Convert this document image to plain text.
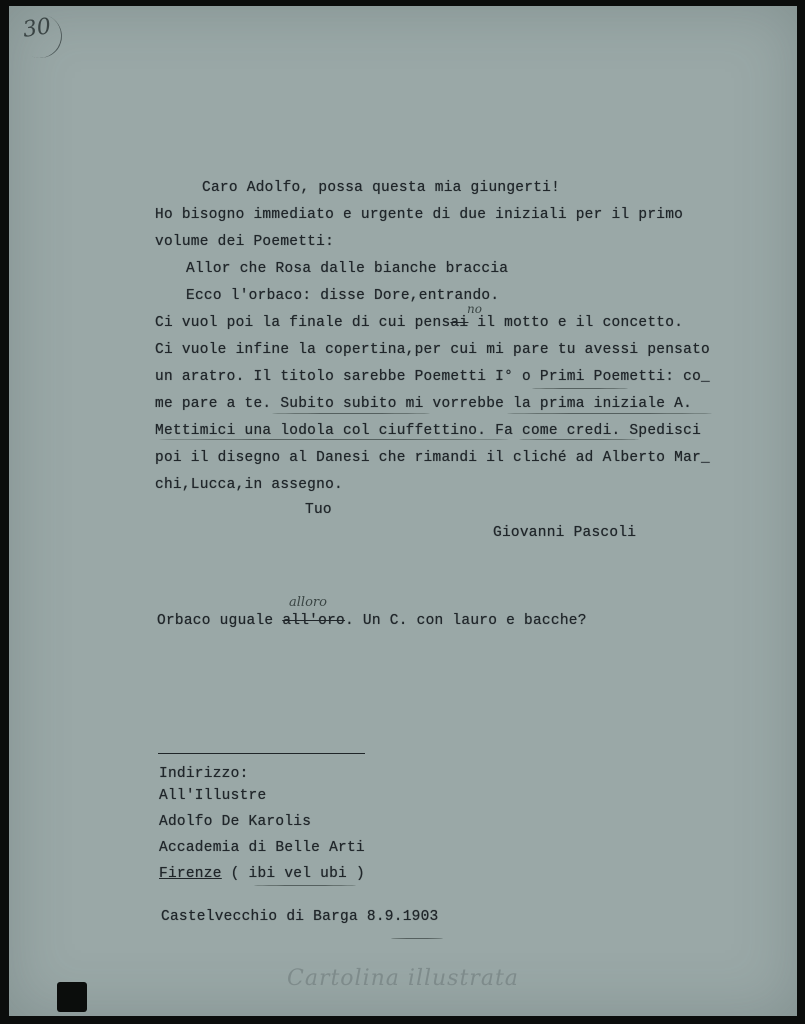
30
Caro Adolfo, possa questa mia giungerti!
Ho bisogno immediato e urgente di due iniziali per il primo
volume dei Poemetti:
Allor che Rosa dalle bianche braccia
Ecco l'orbaco: disse Dore,entrando.
Ci vuol poi la finale di cui pensai il motto e il concetto.
no
Ci vuole infine la copertina,per cui mi pare tu avessi pensato
un aratro. Il titolo sarebbe Poemetti I° o Primi Poemetti: co_
me pare a te. Subito subito mi vorrebbe la prima iniziale A.
Mettimici una lodola col ciuffettino. Fa come credi. Spedisci
poi il disegno al Danesi che rimandi il cliché ad Alberto Mar_
chi,Lucca,in assegno.
Tuo
Giovanni Pascoli
Orbaco uguale all'oro. Un C. con lauro e bacche?
alloro
Indirizzo:
All'Illustre
Adolfo De Karolis
Accademia di Belle Arti
Firenze ( ibi vel ubi )
Castelvecchio di Barga 8.9.1903
Cartolina illustrata
